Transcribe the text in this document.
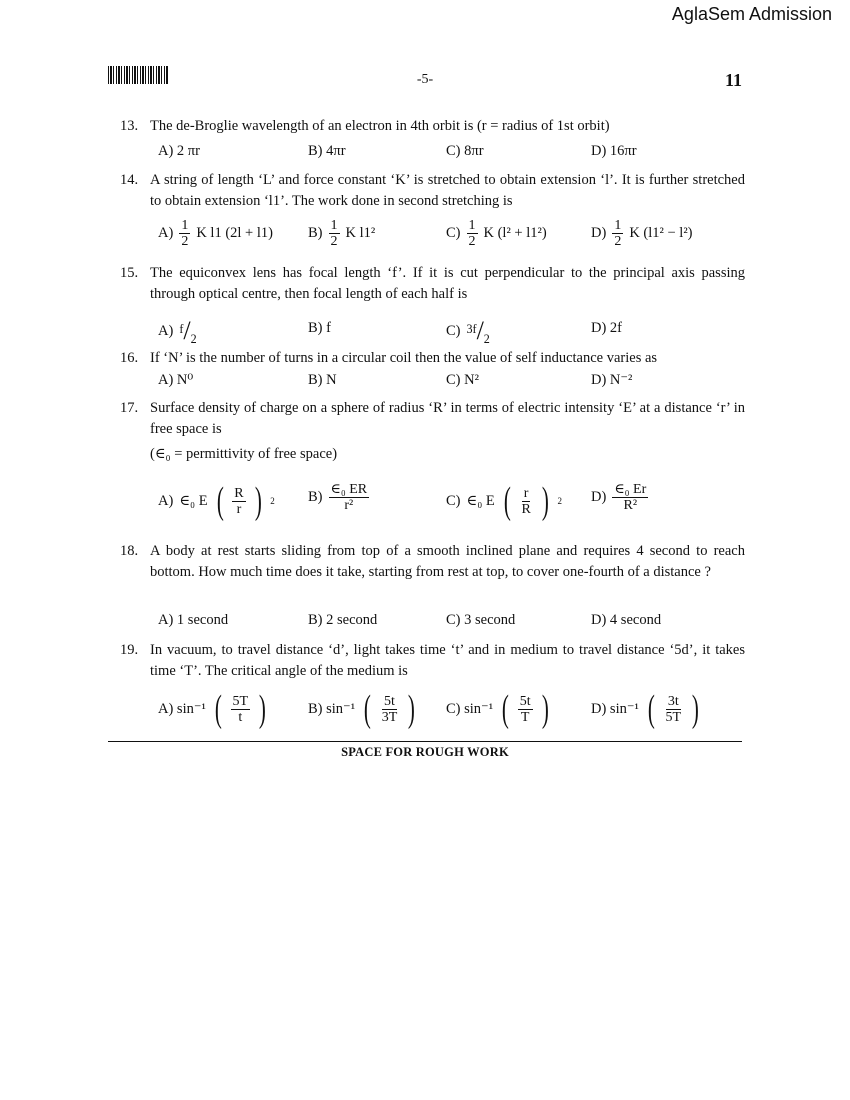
AglaSem Admission
-5-	11
13. The de-Broglie wavelength of an electron in 4th orbit is (r = radius of 1st orbit)
A) 2 πr	B) 4πr	C) 8πr	D) 16πr
14. A string of length ‘L’ and force constant ‘K’ is stretched to obtain extension ‘l’. It is further stretched to obtain extension ‘l1’. The work done in second stretching is
$A) \frac{1}{2}$ K l1 (2l + l1) $B) \frac{1}{2}$ K l1²	$C) \frac{1}{2}$ K (l² + l1²)	$D) \frac{1}{2}$ K (l1² − l²)
15. The equiconvex lens has focal length ‘f’. If it is cut perpendicular to the principal axis passing through optical centre, then focal length of each half is
A) $^f/_2$
B) f	C) $^{3f}/_2$
D) 2f
16. If ‘N’ is the number of turns in a circular coil then the value of self inductance varies as
A) N⁰	B) N	C) N²	D) N⁻²
17. Surface density of charge on a sphere of radius ‘R’ in terms of electric intensity ‘E’ at a distance ‘r’ in free space is
(∈₀ = permittivity of free space)
A) ∈₀ E ( $\frac{R}{r}$ ) 2 $B) \frac{\text{∈₀ ER}}{\text{r²}}$	C) ∈₀ E ( $\frac{r}{R}$ ) 2 $D) \frac{\text{∈₀ Er}}{\text{R²}}$
18. A body at rest starts sliding from top of a smooth inclined plane and requires 4 second to reach bottom. How much time does it take, starting from rest at top, to cover one-fourth of a distance ?
A) 1 second	B) 2 second	C) 3 second	D) 4 second
19. In vacuum, to travel distance ‘d’, light takes time ‘t’ and in medium to travel distance ‘5d’, it takes time ‘T’. The critical angle of the medium is
A) sin⁻¹ ( $\frac{5T}{t}$ )	B) sin⁻¹ ( $\frac{5t}{3T}$ ) C) sin⁻¹ ( $\frac{5t}{T}$ )	D) sin⁻¹ ( $\frac{3t}{5T}$ )
SPACE FOR ROUGH WORK
